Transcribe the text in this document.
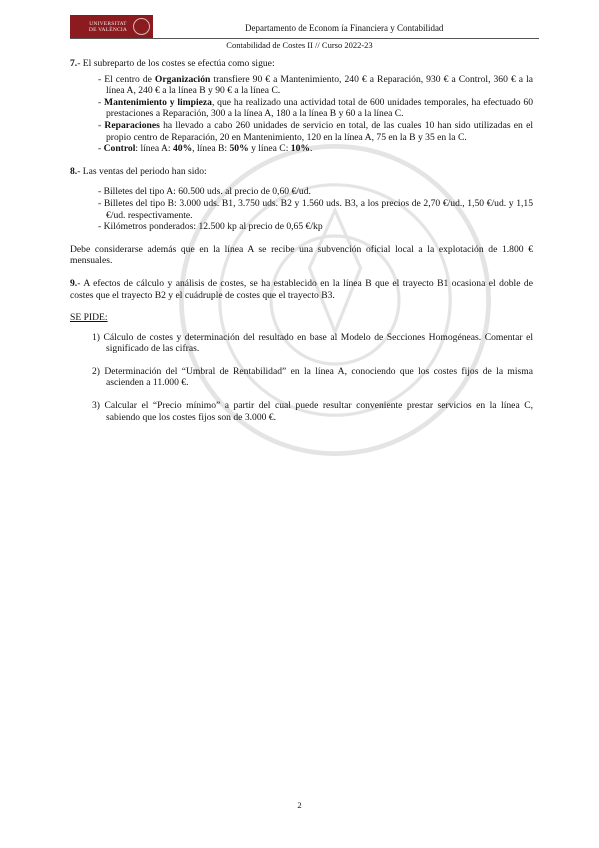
UNIVERSITAT DE VALÈNCIA	Departamento de Econom ía Financiera y Contabilidad
Contabilidad de Costes II // Curso 2022-23

7.- El subreparto de los costes se efectúa como sigue:

- El centro de Organización transfiere 90 € a Mantenimiento, 240 € a Reparación, 930 € a Control, 360 € a la línea A, 240 € a la línea B y 90 € a la línea C.
- Mantenimiento y limpieza, que ha realizado una actividad total de 600 unidades temporales, ha efectuado 60 prestaciones a Reparación, 300 a la línea A, 180 a la línea B y 60 a la línea C.
- Reparaciones ha llevado a cabo 260 unidades de servicio en total, de las cuales 10 han sido utilizadas en el propio centro de Reparación, 20 en Mantenimiento, 120 en la línea A, 75 en la B y 35 en la C.
- Control: línea A: 40%, línea B: 50% y línea C: 10%.

8.- Las ventas del periodo han sido:

- Billetes del tipo A: 60.500 uds. al precio de 0,60 €/ud.
- Billetes del tipo B: 3.000 uds. B1, 3.750 uds. B2 y 1.560 uds. B3, a los precios de 2,70 €/ud., 1,50 €/ud. y 1,15 €/ud. respectivamente.
- Kilómetros ponderados: 12.500 kp al precio de 0,65 €/kp

Debe considerarse además que en la línea A se recibe una subvención oficial local a la explotación de 1.800 € mensuales.

9.- A efectos de cálculo y análisis de costes, se ha establecido en la línea B que el trayecto B1 ocasiona el doble de costes que el trayecto B2 y el cuádruple de costes que el trayecto B3.

SE PIDE:

1) Cálculo de costes y determinación del resultado en base al Modelo de Secciones Homogéneas. Comentar el significado de las cifras.
2) Determinación del “Umbral de Rentabilidad” en la línea A, conociendo que los costes fijos de la misma ascienden a 11.000 €.
3) Calcular el “Precio mínimo” a partir del cual puede resultar conveniente prestar servicios en la línea C, sabiendo que los costes fijos son de 3.000 €.
2
